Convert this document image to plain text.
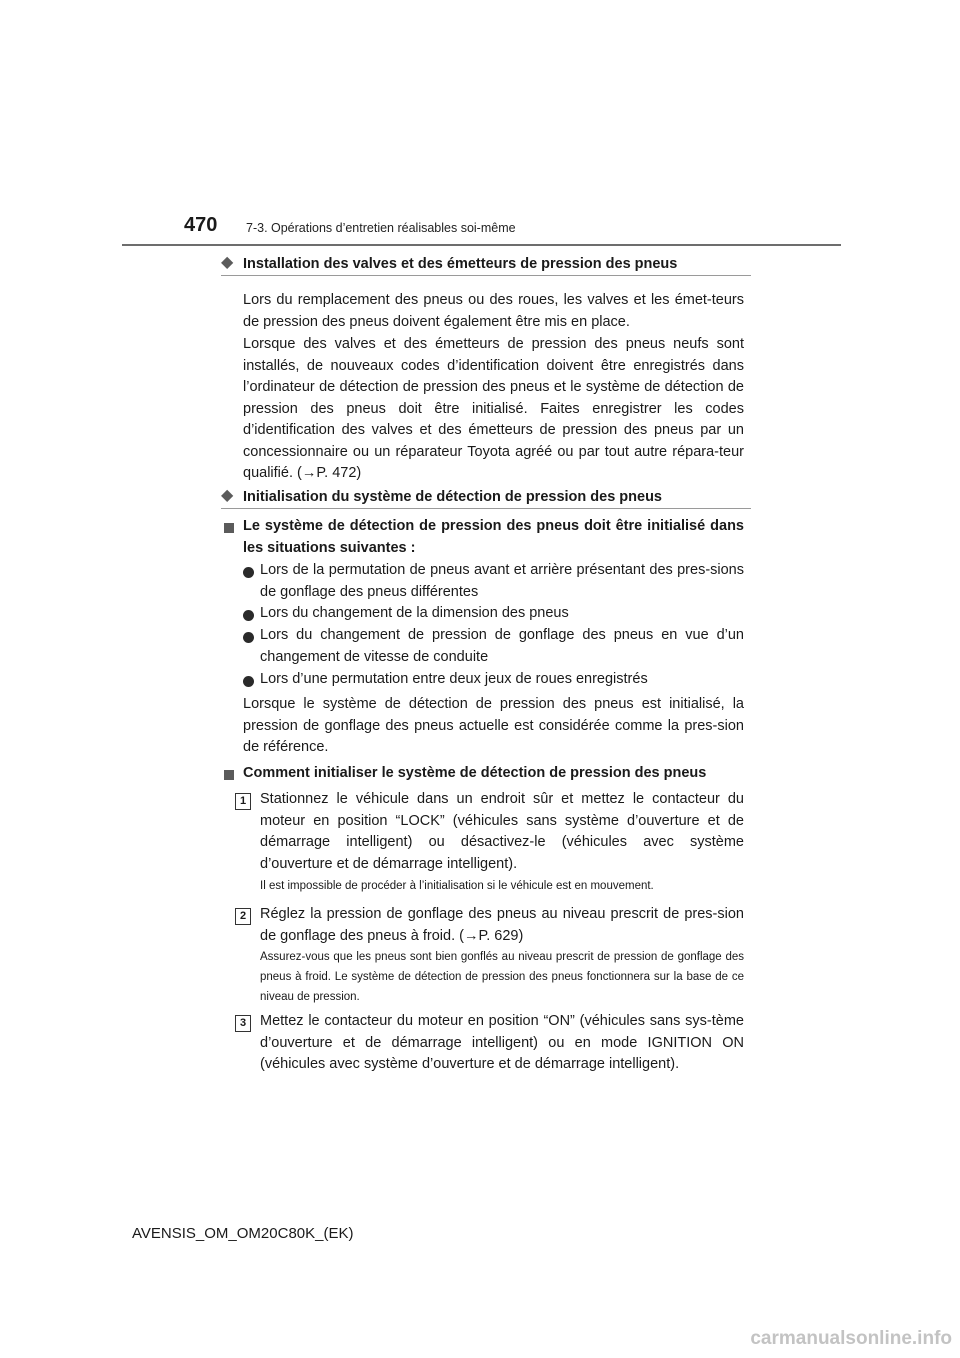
470 7-3. Opérations d’entretien réalisables soi-même
◆ Installation des valves et des émetteurs de pression des pneus
Lors du remplacement des pneus ou des roues, les valves et les émet-teurs de pression des pneus doivent également être mis en place.
Lorsque des valves et des émetteurs de pression des pneus neufs sont installés, de nouveaux codes d’identification doivent être enregistrés dans l’ordinateur de détection de pression des pneus et le système de détection de pression des pneus doit être initialisé. Faites enregistrer les codes d’identification des valves et des émetteurs de pression des pneus par un concessionnaire ou un réparateur Toyota agréé ou par tout autre répara-teur qualifié. (→P. 472)
◆ Initialisation du système de détection de pression des pneus
Le système de détection de pression des pneus doit être initialisé dans les situations suivantes :
Lors de la permutation de pneus avant et arrière présentant des pres-sions de gonflage des pneus différentes
Lors du changement de la dimension des pneus
Lors du changement de pression de gonflage des pneus en vue d’un changement de vitesse de conduite
Lors d’une permutation entre deux jeux de roues enregistrés
Lorsque le système de détection de pression des pneus est initialisé, la pression de gonflage des pneus actuelle est considérée comme la pres-sion de référence.
Comment initialiser le système de détection de pression des pneus
1 Stationnez le véhicule dans un endroit sûr et mettez le contacteur du moteur en position “LOCK” (véhicules sans système d’ouverture et de démarrage intelligent) ou désactivez-le (véhicules avec système d’ouverture et de démarrage intelligent).
Il est impossible de procéder à l’initialisation si le véhicule est en mouvement.
2 Réglez la pression de gonflage des pneus au niveau prescrit de pres-sion de gonflage des pneus à froid. (→P. 629)
Assurez-vous que les pneus sont bien gonflés au niveau prescrit de pression de gonflage des pneus à froid. Le système de détection de pression des pneus fonctionnera sur la base de ce niveau de pression.
3 Mettez le contacteur du moteur en position “ON” (véhicules sans sys-tème d’ouverture et de démarrage intelligent) ou en mode IGNITION ON (véhicules avec système d’ouverture et de démarrage intelligent).
AVENSIS_OM_OM20C80K_(EK)
carmanualsonline.info
